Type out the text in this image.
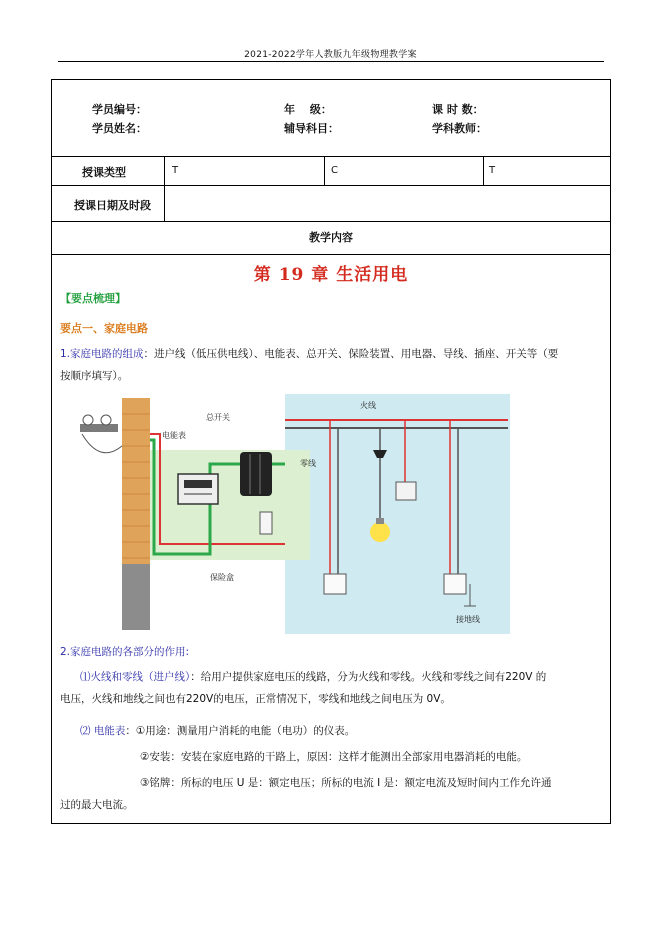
2021-2022学年人教版九年级物理教学案
学员编号：	年　 级：	课 时 数：
学员姓名：	辅导科目：	学科教师：
授课类型	T	C	T
授课日期及时段
教学内容
第 19 章 生活用电
【要点梳理】
要点一、家庭电路
1.家庭电路的组成：进户线（低压供电线）、电能表、总开关、保险装置、用电器、导线、插座、开关等（要
按顺序填写）。
电能表
总开关
火线
零线
保险盒
接地线
2.家庭电路的各部分的作用:
⑴火线和零线（进户线）：给用户提供家庭电压的线路，分为火线和零线。火线和零线之间有220V 的
电压，火线和地线之间也有220V的电压，正常情况下，零线和地线之间电压为 0V。
⑵ 电能表：①用途：测量用户消耗的电能（电功）的仪表。
②安装：安装在家庭电路的干路上，原因：这样才能测出全部家用电器消耗的电能。
③铭牌：所标的电压 U 是：额定电压；所标的电流 I 是：额定电流及短时间内工作允许通
过的最大电流。
